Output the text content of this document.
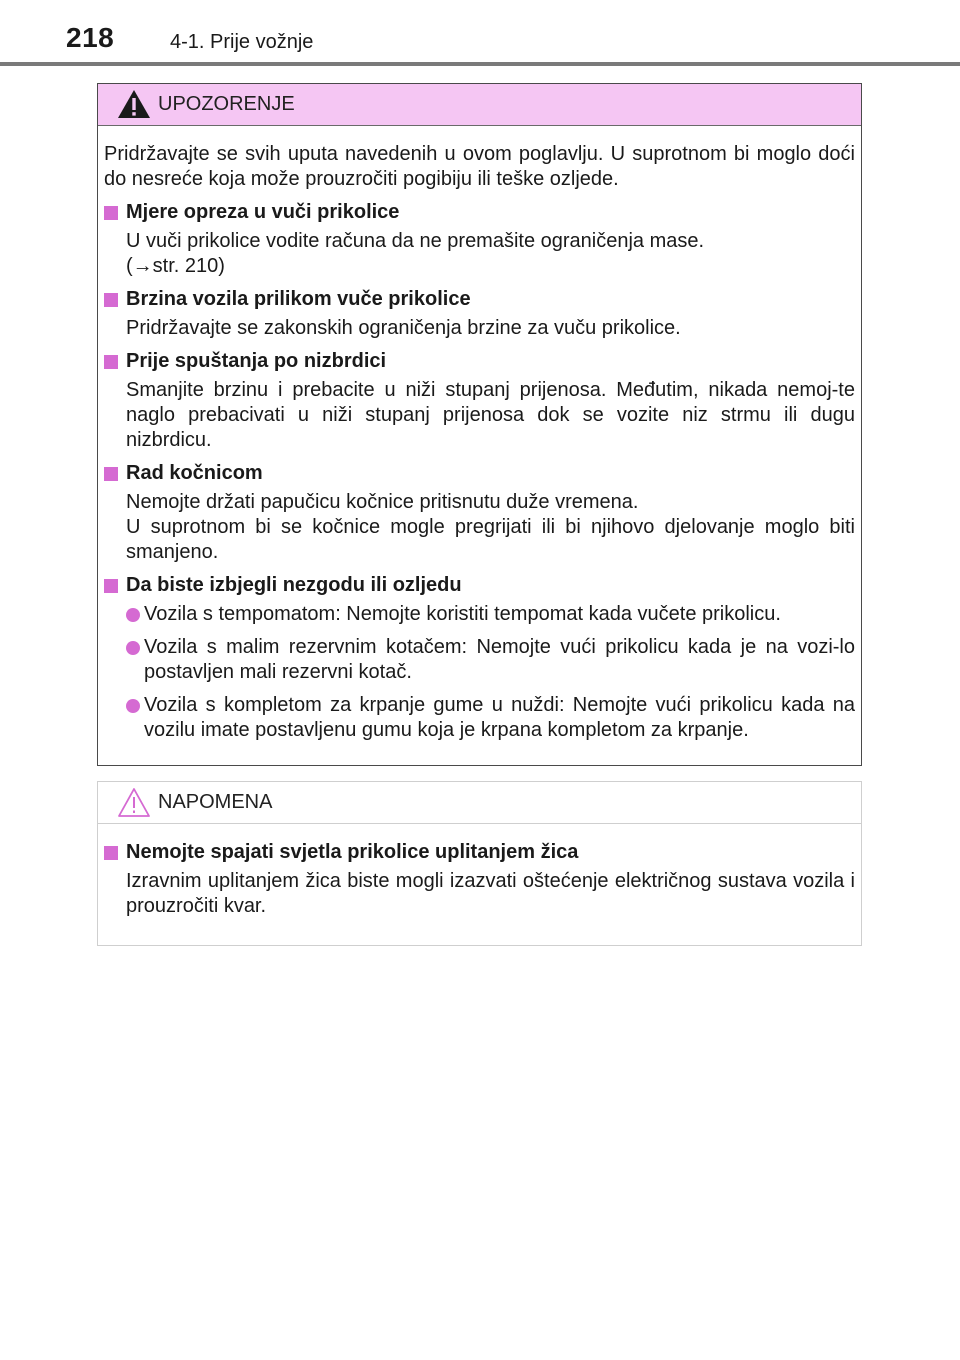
218	4-1. Prije vožnje
UPOZORENJE

Pridržavajte se svih uputa navedenih u ovom poglavlju. U suprotnom bi moglo doći do nesreće koja može prouzročiti pogibiju ili teške ozljede.

Mjere opreza u vuči prikolice
U vuči prikolice vodite računa da ne premašite ograničenja mase.
(→str. 210)
Brzina vozila prilikom vuče prikolice
Pridržavajte se zakonskih ograničenja brzine za vuču prikolice.
Prije spuštanja po nizbrdici
Smanjite brzinu i prebacite u niži stupanj prijenosa. Međutim, nikada nemoj-te naglo prebacivati u niži stupanj prijenosa dok se vozite niz strmu ili dugu nizbrdicu.
Rad kočnicom
Nemojte držati papučicu kočnice pritisnutu duže vremena.
U suprotnom bi se kočnice mogle pregrijati ili bi njihovo djelovanje moglo biti smanjeno.
Da biste izbjegli nezgodu ili ozljedu
Vozila s tempomatom: Nemojte koristiti tempomat kada vučete prikolicu.
Vozila s malim rezervnim kotačem: Nemojte vući prikolicu kada je na vozi-lo postavljen mali rezervni kotač.
Vozila s kompletom za krpanje gume u nuždi: Nemojte vući prikolicu kada na vozilu imate postavljenu gumu koja je krpana kompletom za krpanje.
NAPOMENA
Nemojte spajati svjetla prikolice uplitanjem žica
Izravnim uplitanjem žica biste mogli izazvati oštećenje električnog sustava vozila i prouzročiti kvar.
